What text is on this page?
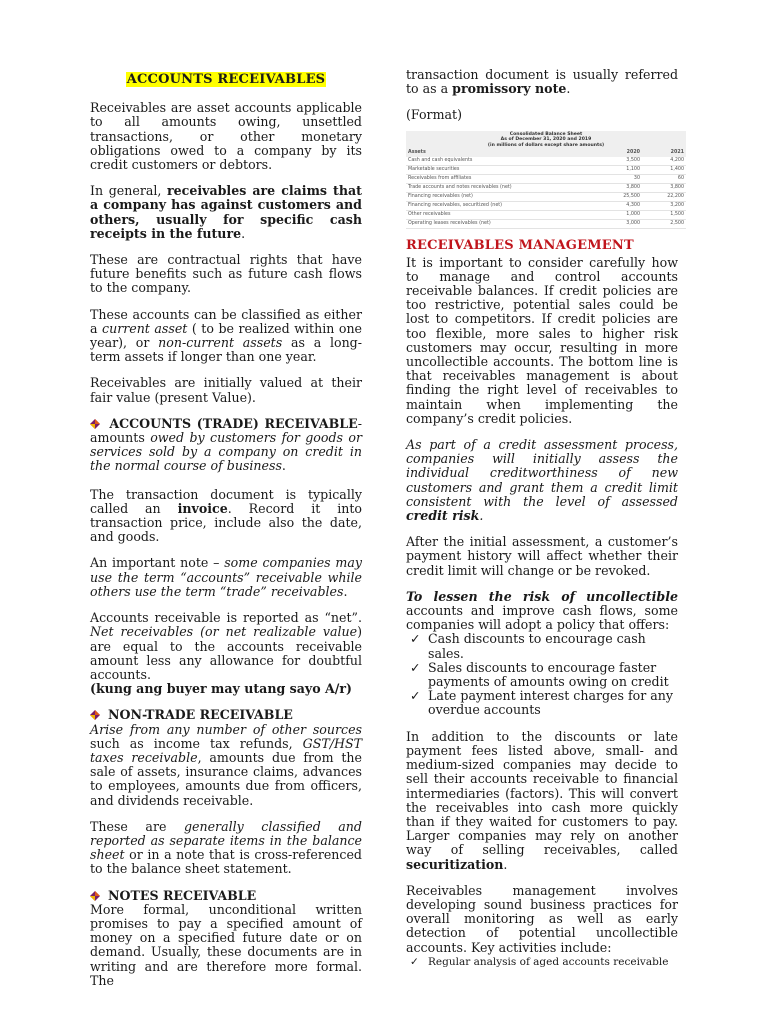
ACCOUNTS RECEIVABLES

Receivables are asset accounts applicable to all amounts owing, unsettled transactions, or other monetary obligations owed to a company by its credit customers or debtors.

In general, receivables are claims that a company has against customers and others, usually for specific cash receipts in the future.

These are contractual rights that have future benefits such as future cash flows to the company.

These accounts can be classified as either a current asset ( to be realized within one year), or non-current assets as a long-term assets if longer than one year.

Receivables are initially valued at their fair value (present Value).

ACCOUNTS (TRADE) RECEIVABLE- amounts owed by customers for goods or services sold by a company on credit in the normal course of business.

The transaction document is typically called an invoice. Record it into transaction price, include also the date, and goods.

An important note – some companies may use the term “accounts” receivable while others use the term “trade” receivables.

Accounts receivable is reported as “net”. Net receivables (or net realizable value) are equal to the accounts receivable amount less any allowance for doubtful accounts.
(kung ang buyer may utang sayo A/r)

NON-TRADE RECEIVABLE
Arise from any number of other sources such as income tax refunds, GST/HST taxes receivable, amounts due from the sale of assets, insurance claims, advances to employees, amounts due from officers, and dividends receivable.

These are generally classified and reported as separate items in the balance sheet or in a note that is cross-referenced to the balance sheet statement.

NOTES RECEIVABLE
More formal, unconditional written promises to pay a specified amount of money on a specified future date or on demand. Usually, these documents are in writing and are therefore more formal. The

transaction document is usually referred to as a promissory note.

(Format)

Consolidated Balance Sheet
As of December 31, 2020 and 2019
(in millions of dollars except share amounts)
Assets	2020	2021
Cash and cash equivalents	3,500	4,200
Marketable securities	1,100	1,400
Receivables from affiliates	30	60
Trade accounts and notes receivables (net)	3,800	3,800
Financing receivables (net)	25,500	22,200
Financing receivables, securitized (net)	4,300	3,200
Other receivables	1,000	1,500
Operating leases receivables (net)	3,000	2,500
RECEIVABLES MANAGEMENT

It is important to consider carefully how to manage and control accounts receivable balances. If credit policies are too restrictive, potential sales could be lost to competitors. If credit policies are too flexible, more sales to higher risk customers may occur, resulting in more uncollectible accounts. The bottom line is that receivables management is about finding the right level of receivables to maintain when implementing the company’s credit policies.

As part of a credit assessment process, companies will initially assess the individual creditworthiness of new customers and grant them a credit limit consistent with the level of assessed credit risk.

After the initial assessment, a customer’s payment history will affect whether their credit limit will change or be revoked.

To lessen the risk of uncollectible accounts and improve cash flows, some companies will adopt a policy that offers:

✓ Cash discounts to encourage cash sales.
✓ Sales discounts to encourage faster payments of amounts owing on credit
✓ Late payment interest charges for any overdue accounts

In addition to the discounts or late payment fees listed above, small- and medium-sized companies may decide to sell their accounts receivable to financial intermediaries (factors). This will convert the receivables into cash more quickly than if they waited for customers to pay. Larger companies may rely on another way of selling receivables, called securitization.

Receivables management involves developing sound business practices for overall monitoring as well as early detection of potential uncollectible accounts. Key activities include:

✓ Regular analysis of aged accounts receivable
